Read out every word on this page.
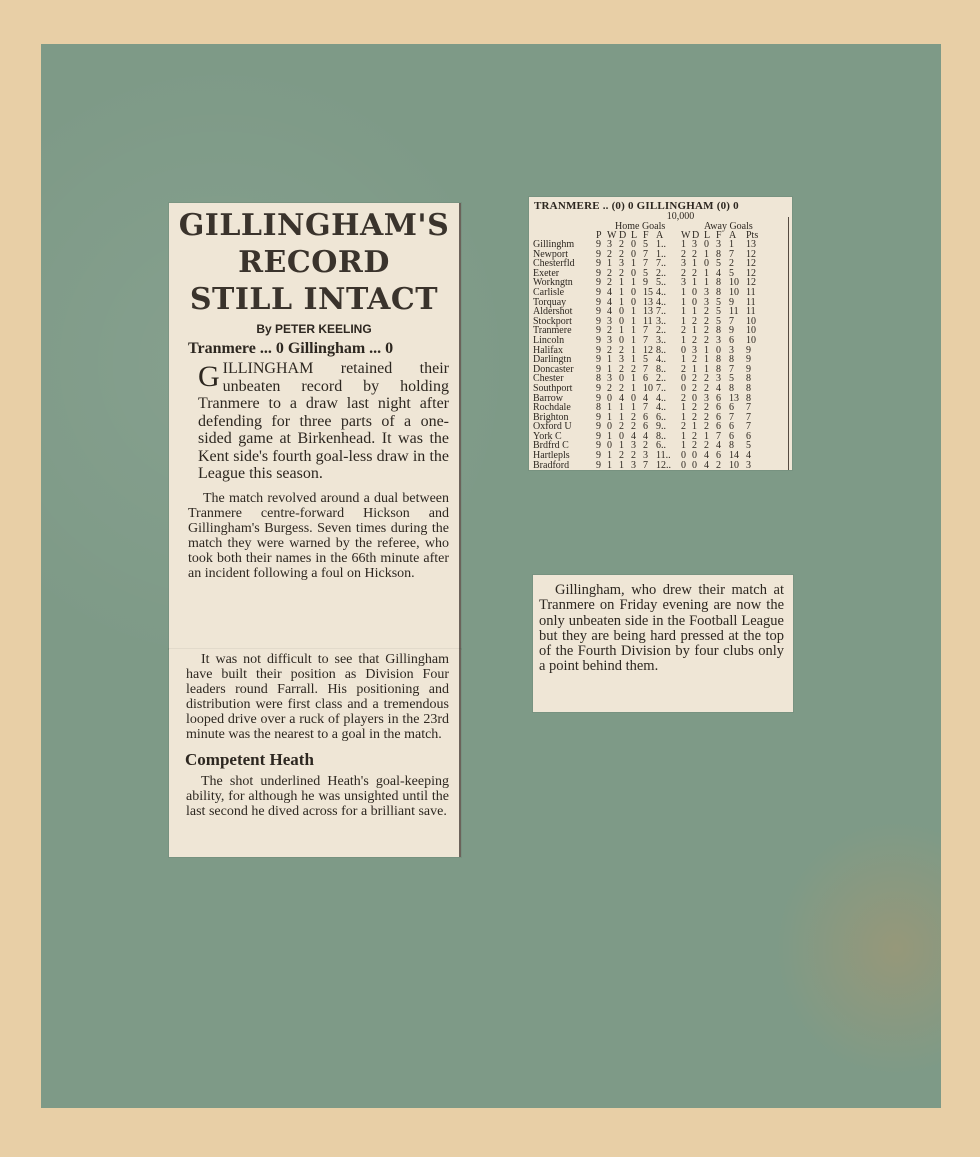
GILLINGHAM'S
RECORD
STILL INTACT
By PETER KEELING
Tranmere ... 0 Gillingham ... 0
GILLINGHAM retained their unbeaten record by holding Tranmere to a draw last night after defending for three parts of a one-sided game at Birkenhead. It was the Kent side's fourth goal-less draw in the League this season.
The match revolved around a dual between Tranmere centre-forward Hickson and Gillingham's Burgess. Seven times during the match they were warned by the referee, who took both their names in the 66th minute after an incident following a foul on Hickson.
It was not difficult to see that Gillingham have built their position as Division Four leaders round Farrall. His positioning and distribution were first class and a tremendous looped drive over a ruck of players in the 23rd minute was the nearest to a goal in the match.
Competent Heath
The shot underlined Heath's goal-keeping ability, for although he was unsighted until the last second he dived across for a brilliant save.
TRANMERE .. (0) 0 GILLINGHAM (0) 0
10,000
Home Goals	Away Goals
P W D L F A W D L F A Pts
Gillinghm 9 3 2 0 5 1.. 1 3 0 3 1 13
Newport	9 2 2 0 7 1.. 2 2 1 8 7 12
Chesterfld 9 1 3 1 7 7.. 3 1 0 5 2 12
Exeter	9 2 2 0 5 2.. 2 2 1 4 5 12
Workngtn 9 2 1 1 9 5.. 3 1 1 8 10 12
Carlisle	9 4 1 0 15 4.. 1 0 3 8 10 11
Torquay	9 4 1 0 13 4.. 1 0 3 5 9 11
Aldershot 9 4 0 1 13 7.. 1 1 2 5 11 11
Stockport 9 3 0 1 11 3.. 1 2 2 5 7 10
Tranmere 9 2 1 1 7 2.. 2 1 2 8 9 10
Lincoln	9 3 0 1 7 3.. 1 2 2 3 6 10
Halifax	9 2 2 1 12 8.. 0 3 1 0 3 9
Darlingtn 9 1 3 1 5 4.. 1 2 1 8 8 9
Doncaster 9 1 2 2 7 8.. 2 1 1 8 7 9
Chester	8 3 0 1 6 2.. 0 2 2 3 5 8
Southport 9 2 2 1 10 7.. 0 2 2 4 8 8
Barrow	9 0 4 0 4 4.. 2 0 3 6 13 8
Rochdale	8 1 1 1 7 4.. 1 2 2 6 6 7
Brighton	9 1 1 2 6 6.. 1 2 2 6 7 7
Oxford U 9 0 2 2 6 9.. 2 1 2 6 6 7
York C	9 1 0 4 4 8.. 1 2 1 7 6 6
Brdfrd C	9 0 1 3 2 6.. 1 2 2 4 8 5
Hartlepls	9 1 2 2 3 11.. 0 0 4 6 14 4
Bradford	9 1 1 3 7 12.. 0 0 4 2 10 3
Gillingham, who drew their match at Tranmere on Friday evening are now the only unbeaten side in the Football League but they are being hard pressed at the top of the Fourth Division by four clubs only a point behind them.
